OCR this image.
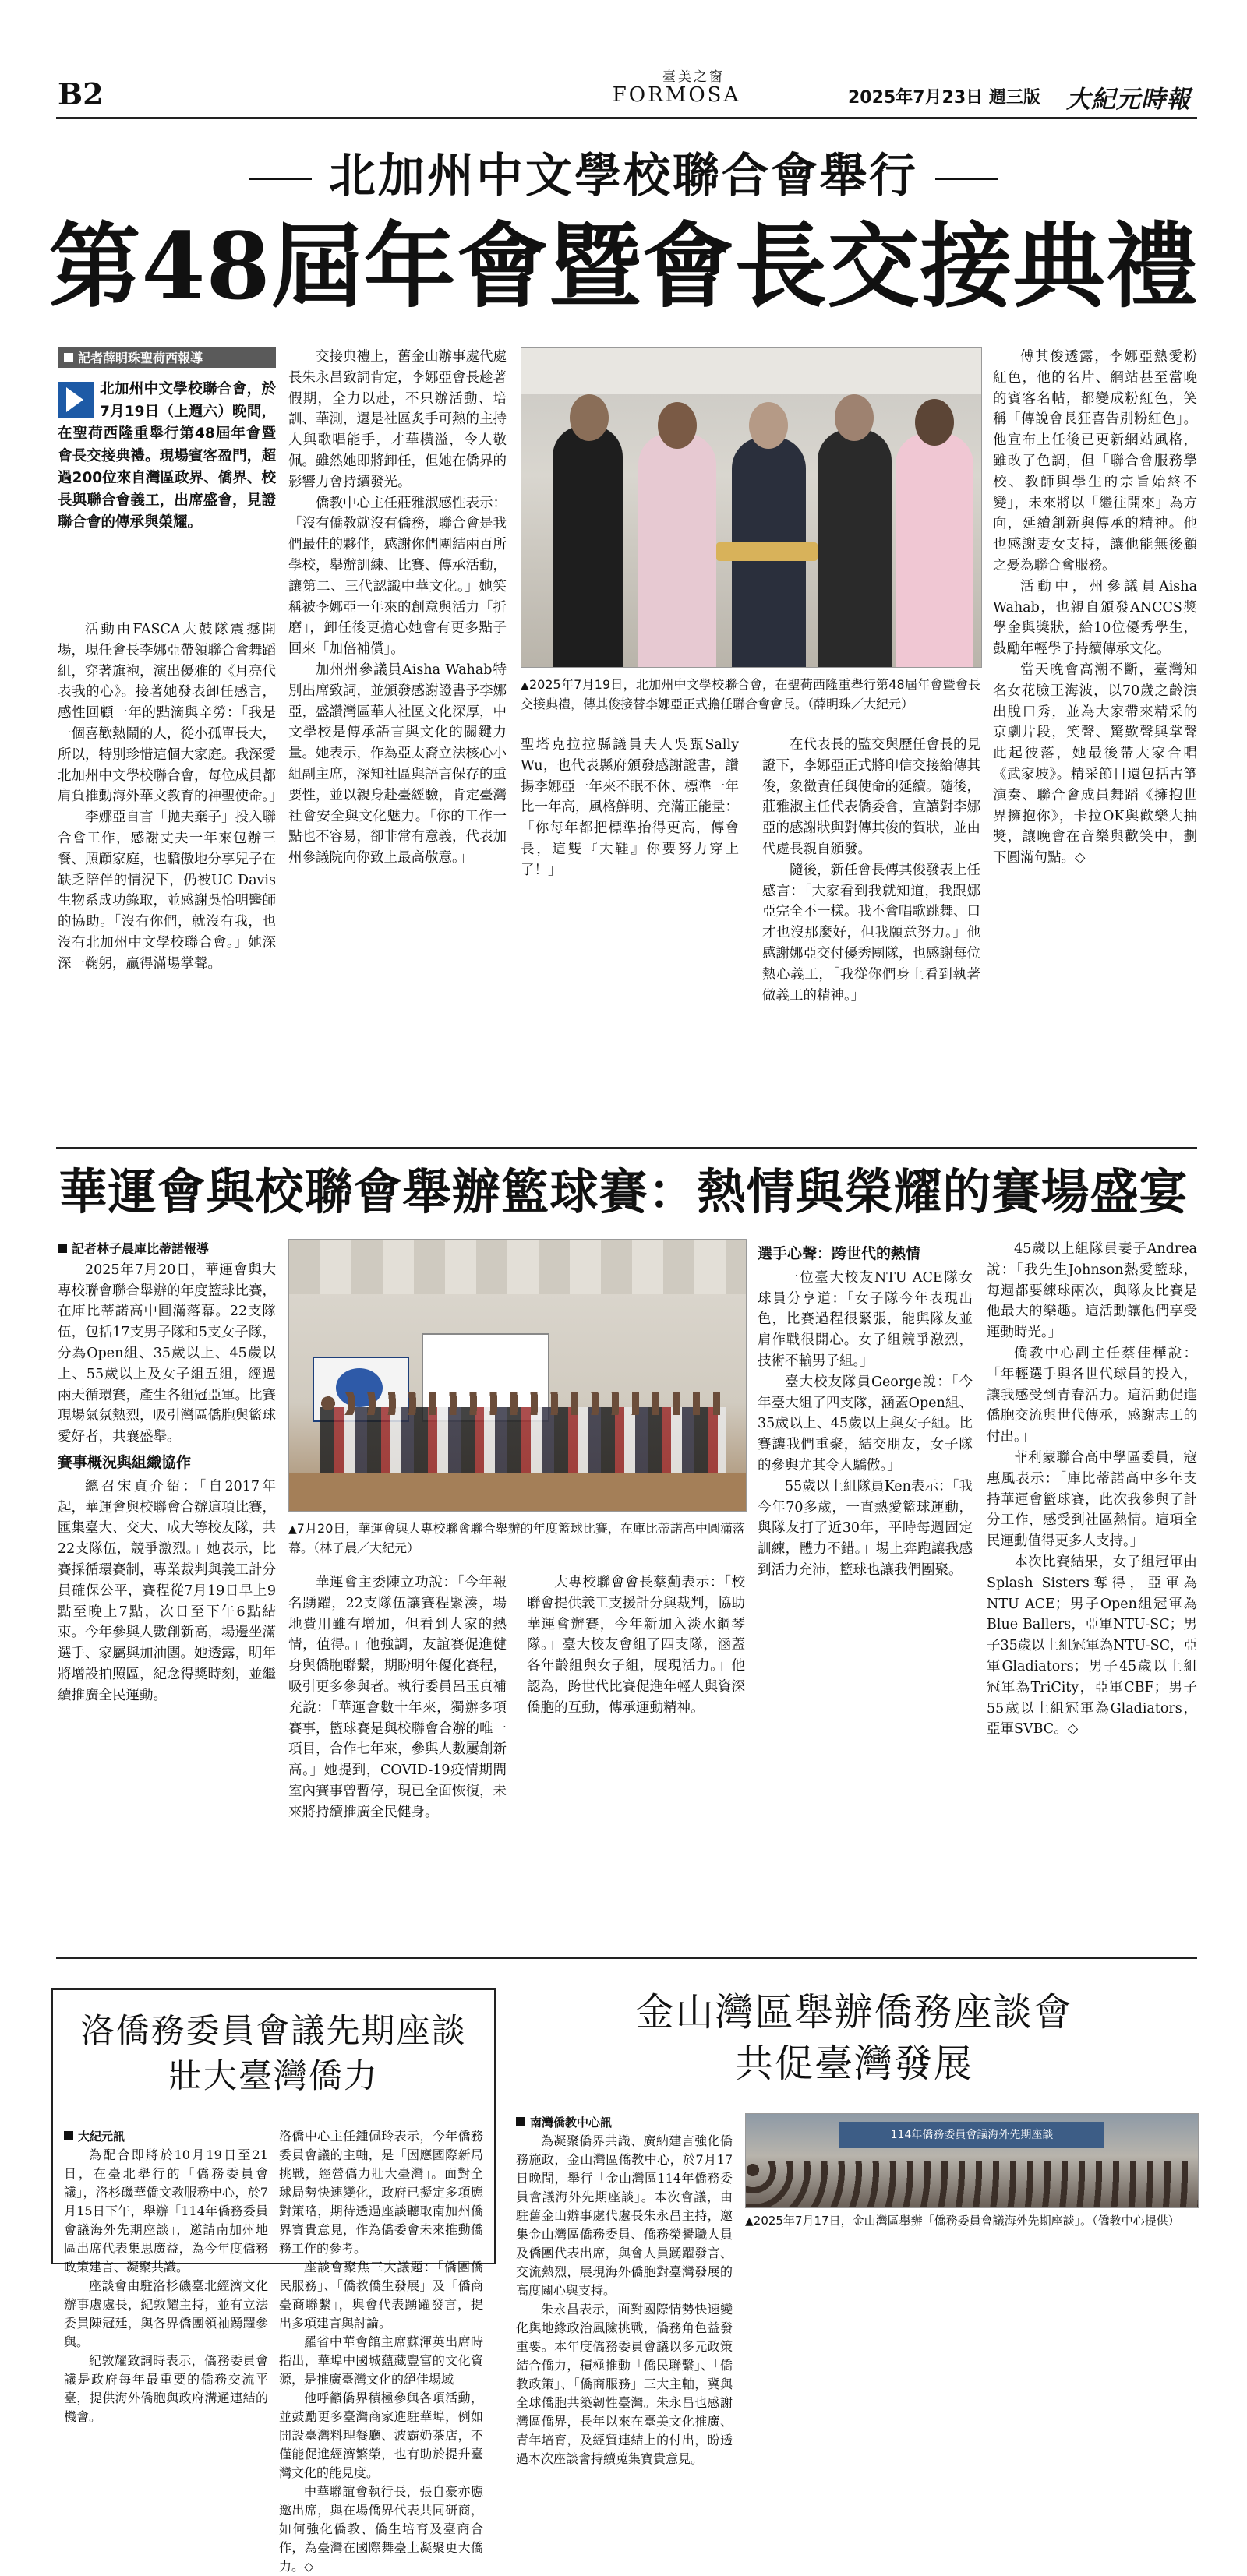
B2	臺美之窗
FORMOSA	2025年7月23日 週三版 大紀元時報
北加州中文學校聯合會舉行
第48屆年會暨會長交接典禮
記者薛明珠聖荷西報導
北加州中文學校聯合會，於7月19日（上週六）晚間，在聖荷西隆重舉行第48屆年會暨會長交接典禮。現場賓客盈門，超過200位來自灣區政界、僑界、校長與聯合會義工，出席盛會，見證聯合會的傳承與榮耀。

活動由FASCA大鼓隊震撼開場，現任會長李娜亞帶領聯合會舞蹈組，穿著旗袍，演出優雅的《月亮代表我的心》。接著她發表卸任感言，感性回顧一年的點滴與辛勞：「我是一個喜歡熱鬧的人，從小孤單長大，所以，特別珍惜這個大家庭。我深愛北加州中文學校聯合會，每位成員都肩負推動海外華文教育的神聖使命。」

李娜亞自言「拋夫棄子」投入聯合會工作，感謝丈夫一年來包辦三餐、照顧家庭，也驕傲地分享兒子在缺乏陪伴的情況下，仍被UC Davis生物系成功錄取，並感謝吳怡明醫師的協助。「沒有你們，就沒有我，也沒有北加州中文學校聯合會。」她深深一鞠躬，贏得滿場掌聲。

交接典禮上，舊金山辦事處代處長朱永昌致詞肯定，李娜亞會長趁著假期，全力以赴，不只辦活動、培訓、華測，還是社區炙手可熱的主持人與歌唱能手，才華橫溢，令人敬佩。雖然她即將卸任，但她在僑界的影響力會持續發光。

僑教中心主任莊雅淑感性表示：「沒有僑教就沒有僑務，聯合會是我們最佳的夥伴，感謝你們團結兩百所學校，舉辦訓練、比賽、傳承活動，讓第二、三代認識中華文化。」她笑稱被李娜亞一年來的創意與活力「折磨」，卸任後更擔心她會有更多點子回來「加倍補償」。

加州州參議員Aisha Wahab特別出席致詞，並頒發感謝證書予李娜亞，盛讚灣區華人社區文化深厚，中文學校是傳承語言與文化的關鍵力量。她表示，作為亞太裔立法核心小組副主席，深知社區與語言保存的重要性，並以親身赴臺經驗，肯定臺灣社會安全與文化魅力。「你的工作一點也不容易，卻非常有意義，代表加州參議院向你致上最高敬意。」

▲2025年7月19日，北加州中文學校聯合會，在聖荷西隆重舉行第48屆年會暨會長交接典禮，傳其俊接替李娜亞正式擔任聯合會會長。（薛明珠／大紀元）

聖塔克拉拉縣議員夫人吳甄Sally Wu，也代表縣府頒發感謝證書，讚揚李娜亞一年來不眠不休、標準一年比一年高，風格鮮明、充滿正能量：「你每年都把標準抬得更高，傳會長，這雙『大鞋』你要努力穿上了！」

在代表長的監交與歷任會長的見證下，李娜亞正式將印信交接給傳其俊，象徵責任與使命的延續。隨後，莊雅淑主任代表僑委會，宣讀對李娜亞的感謝狀與對傳其俊的賀狀，並由代處長親自頒發。

隨後，新任會長傳其俊發表上任感言：「大家看到我就知道，我跟娜亞完全不一樣。我不會唱歌跳舞、口才也沒那麼好，但我願意努力。」他感謝娜亞交付優秀團隊，也感謝每位熱心義工，「我從你們身上看到執著做義工的精神。」

傅其俊透露，李娜亞熱愛粉紅色，他的名片、網站甚至當晚的賓客名帖，都變成粉紅色，笑稱「傳說會長狂喜告別粉紅色」。他宣布上任後已更新網站風格，雖改了色調，但「聯合會服務學校、教師與學生的宗旨始終不變」，未來將以「繼往開來」為方向，延續創新與傳承的精神。他也感謝妻女支持，讓他能無後顧之憂為聯合會服務。

活動中，州參議員Aisha Wahab，也親自頒發ANCCS獎學金與獎狀，給10位優秀學生，鼓勵年輕學子持續傳承文化。

當天晚會高潮不斷，臺灣知名女花臉王海波，以70歲之齡演出脫口秀，並為大家帶來精采的京劇片段，笑聲、驚歎聲與掌聲此起彼落，她最後帶大家合唱《武家坡》。精采節目還包括古箏演奏、聯合會成員舞蹈《擁抱世界擁抱你》，卡拉OK與歡樂大抽獎，讓晚會在音樂與歡笑中，劃下圓滿句點。◇

華運會與校聯會舉辦籃球賽：熱情與榮耀的賽場盛宴
記者林子晨庫比蒂諾報導

2025年7月20日，華運會與大專校聯會聯合舉辦的年度籃球比賽，在庫比蒂諾高中圓滿落幕。22支隊伍，包括17支男子隊和5支女子隊，分為Open組、35歲以上、45歲以上、55歲以上及女子組五組，經過兩天循環賽，產生各組冠亞軍。比賽現場氣氛熱烈，吸引灣區僑胞與籃球愛好者，共襄盛舉。

賽事概況與組織協作

總召宋貞介紹：「自2017年起，華運會與校聯會合辦這項比賽，匯集臺大、交大、成大等校友隊，共22支隊伍，競爭激烈。」她表示，比賽採循環賽制，專業裁判與義工計分員確保公平，賽程從7月19日早上9點至晚上7點，次日至下午6點結束。今年參與人數創新高，場邊坐滿選手、家屬與加油團。她透露，明年將增設拍照區，紀念得獎時刻，並繼續推廣全民運動。

▲7月20日，華運會與大專校聯會聯合舉辦的年度籃球比賽，在庫比蒂諾高中圓滿落幕。（林子晨／大紀元）

華運會主委陳立功說：「今年報名踴躍，22支隊伍讓賽程緊湊，場地費用雖有增加，但看到大家的熱情，值得。」他強調，友誼賽促進健身與僑胞聯繫，期盼明年優化賽程，吸引更多參與者。執行委員呂玉貞補充說：「華運會數十年來，獨辦多項賽事，籃球賽是與校聯會合辦的唯一項目，合作七年來，參與人數屢創新高。」她提到，COVID-19疫情期間室內賽事曾暫停，現已全面恢復，未來將持續推廣全民健身。

大專校聯會會長蔡薊表示：「校聯會提供義工支援計分與裁判，協助華運會辦賽，今年新加入淡水鋼琴隊。」臺大校友會組了四支隊，涵蓋各年齡組與女子組，展現活力。」他認為，跨世代比賽促進年輕人與資深僑胞的互動，傳承運動精神。

選手心聲：跨世代的熱情

一位臺大校友NTU ACE隊女球員分享道：「女子隊今年表現出色，比賽過程很緊張，能與隊友並肩作戰很開心。女子組競爭激烈，技術不輸男子組。」

臺大校友隊員George說：「今年臺大組了四支隊，涵蓋Open組、35歲以上、45歲以上與女子組。比賽讓我們重聚，結交朋友，女子隊的參與尤其令人驕傲。」

55歲以上組隊員Ken表示：「我今年70多歲，一直熱愛籃球運動，與隊友打了近30年，平時每週固定訓練，體力不錯。」場上奔跑讓我感到活力充沛，籃球也讓我們團聚。

45歲以上組隊員妻子Andrea說：「我先生Johnson熱愛籃球，每週都要練球兩次，與隊友比賽是他最大的樂趣。這活動讓他們享受運動時光。」

僑教中心副主任蔡佳樺說：「年輕選手與各世代球員的投入，讓我感受到青春活力。這活動促進僑胞交流與世代傳承，感謝志工的付出。」

菲利蒙聯合高中學區委員，寇惠風表示：「庫比蒂諾高中多年支持華運會籃球賽，此次我參與了計分工作，感受到社區熱情。這項全民運動值得更多人支持。」

本次比賽結果，女子組冠軍由Splash Sisters奪得，亞軍為NTU ACE；男子Open組冠軍為Blue Ballers，亞軍NTU-SC；男子35歲以上組冠軍為NTU-SC，亞軍Gladiators；男子45歲以上組冠軍為TriCity，亞軍CBF；男子55歲以上組冠軍為Gladiators，亞軍SVBC。◇

洛僑務委員會議先期座談
壯大臺灣僑力
大紀元訊

為配合即將於10月19日至21日，在臺北舉行的「僑務委員會議」，洛杉磯華僑文教服務中心，於7月15日下午，舉辦「114年僑務委員會議海外先期座談」，邀請南加州地區出席代表集思廣益，為今年度僑務政策建言、凝聚共識。

座談會由駐洛杉磯臺北經濟文化辦事處處長，紀敦耀主持，並有立法委員陳冠廷，與各界僑團領袖踴躍參與。

紀敦耀致詞時表示，僑務委員會議是政府每年最重要的僑務交流平臺，提供海外僑胞與政府溝通連結的機會。

洛僑中心主任鍾佩玲表示，今年僑務委員會議的主軸，是「因應國際新局挑戰，經營僑力壯大臺灣」。面對全球局勢快速變化，政府已擬定多項應對策略，期待透過座談聽取南加州僑界寶貴意見，作為僑委會未來推動僑務工作的參考。

座談會聚焦三大議題：「僑團僑民服務」、「僑教僑生發展」及「僑商臺商聯繫」，與會代表踴躍發言，提出多項建言與討論。

羅省中華會館主席蘇渾英出席時指出，華埠中國城蘊藏豐富的文化資源，是推廣臺灣文化的絕佳場域

他呼籲僑界積極參與各項活動，並鼓勵更多臺灣商家進駐華埠，例如開設臺灣料理餐廳、波霸奶茶店，不僅能促進經濟繁榮，也有助於提升臺灣文化的能見度。

中華聯誼會執行長，張自豪亦應邀出席，與在場僑界代表共同研商，如何強化僑教、僑生培育及臺商合作，為臺灣在國際舞臺上凝聚更大僑力。◇

金山灣區舉辦僑務座談會
共促臺灣發展
南灣僑教中心訊

為凝聚僑界共識、廣納建言強化僑務施政，金山灣區僑教中心，於7月17日晚間，舉行「金山灣區114年僑務委員會議海外先期座談」。本次會議，由駐舊金山辦事處代處長朱永昌主持，邀集金山灣區僑務委員、僑務榮譽職人員及僑團代表出席，與會人員踴躍發言、交流熱烈，展現海外僑胞對臺灣發展的高度關心與支持。

朱永昌表示，面對國際情勢快速變化與地緣政治風險挑戰，僑務角色益發重要。本年度僑務委員會議以多元政策結合僑力，積極推動「僑民聯繫」、「僑教政策」、「僑商服務」三大主軸，冀與全球僑胞共築韌性臺灣。朱永昌也感謝灣區僑界，長年以來在臺美文化推廣、青年培育，及經貿連結上的付出，盼透過本次座談會持續蒐集寶貴意見。

114年僑務委員會議海外先期座談
▲2025年7月17日，金山灣區舉辦「僑務委員會議海外先期座談」。（僑教中心提供）
